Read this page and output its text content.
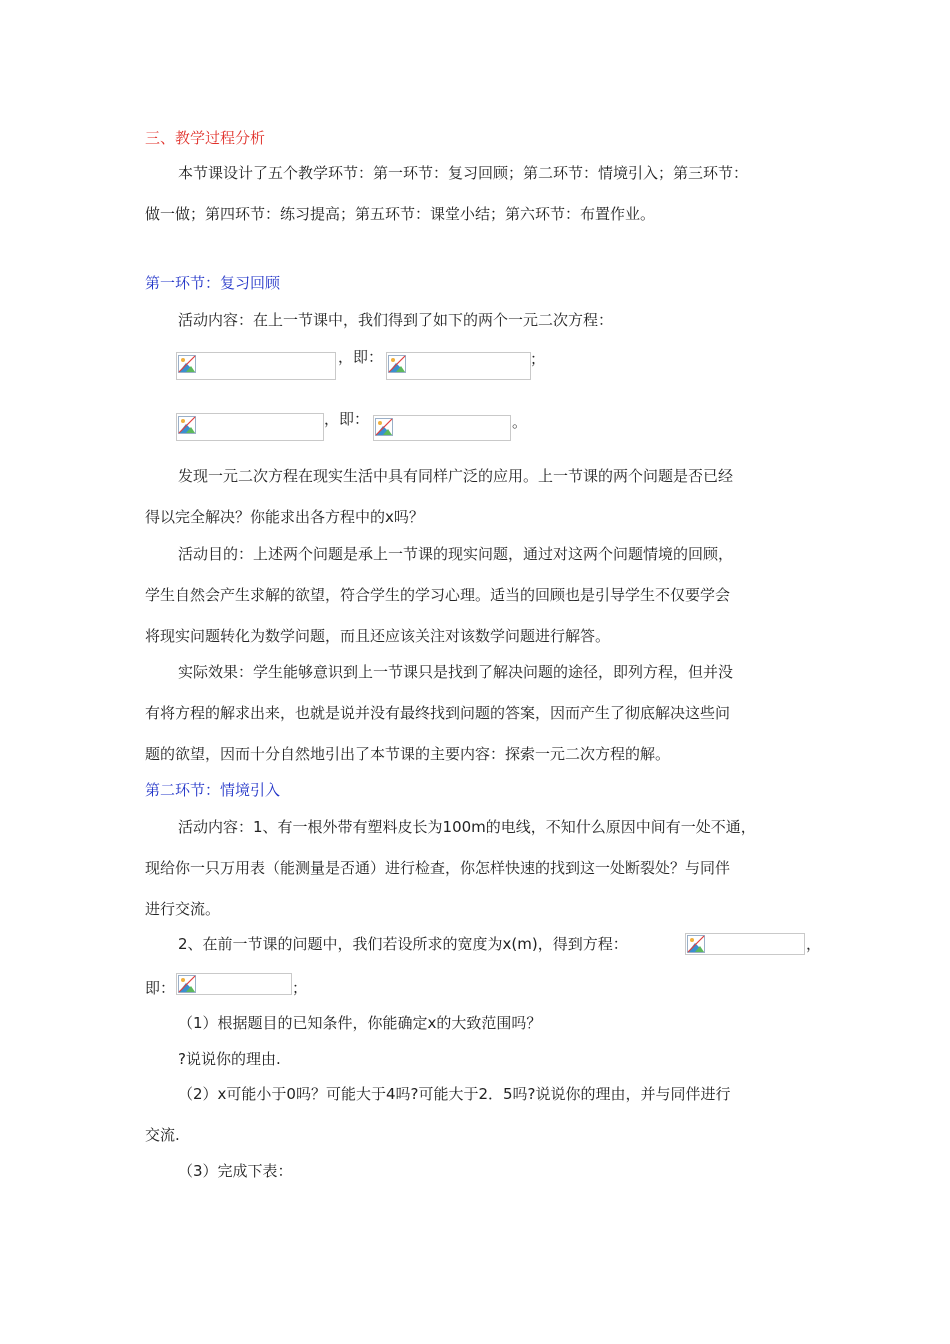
三、教学过程分析
本节课设计了五个教学环节：第一环节：复习回顾；第二环节：情境引入；第三环节：
做一做；第四环节：练习提高；第五环节：课堂小结；第六环节：布置作业。
第一环节：复习回顾
活动内容：在上一节课中，我们得到了如下的两个一元二次方程：
，即：	；
，即：	。
发现一元二次方程在现实生活中具有同样广泛的应用。上一节课的两个问题是否已经
得以完全解决？你能求出各方程中的x吗？
活动目的：上述两个问题是承上一节课的现实问题，通过对这两个问题情境的回顾，
学生自然会产生求解的欲望，符合学生的学习心理。适当的回顾也是引导学生不仅要学会
将现实问题转化为数学问题，而且还应该关注对该数学问题进行解答。
实际效果：学生能够意识到上一节课只是找到了解决问题的途径，即列方程，但并没
有将方程的解求出来，也就是说并没有最终找到问题的答案，因而产生了彻底解决这些问
题的欲望，因而十分自然地引出了本节课的主要内容：探索一元二次方程的解。
第二环节：情境引入
活动内容：1、有一根外带有塑料皮长为100m的电线，不知什么原因中间有一处不通，
现给你一只万用表（能测量是否通）进行检查，你怎样快速的找到这一处断裂处？与同伴
进行交流。
2、在前一节课的问题中，我们若设所求的宽度为x(m)，得到方程：	，
即：	；
（1）根据题目的已知条件，你能确定x的大致范围吗？
?说说你的理由.
（2）x可能小于0吗？可能大于4吗?可能大于2．5吗?说说你的理由，并与同伴进行
交流.
（3）完成下表：
